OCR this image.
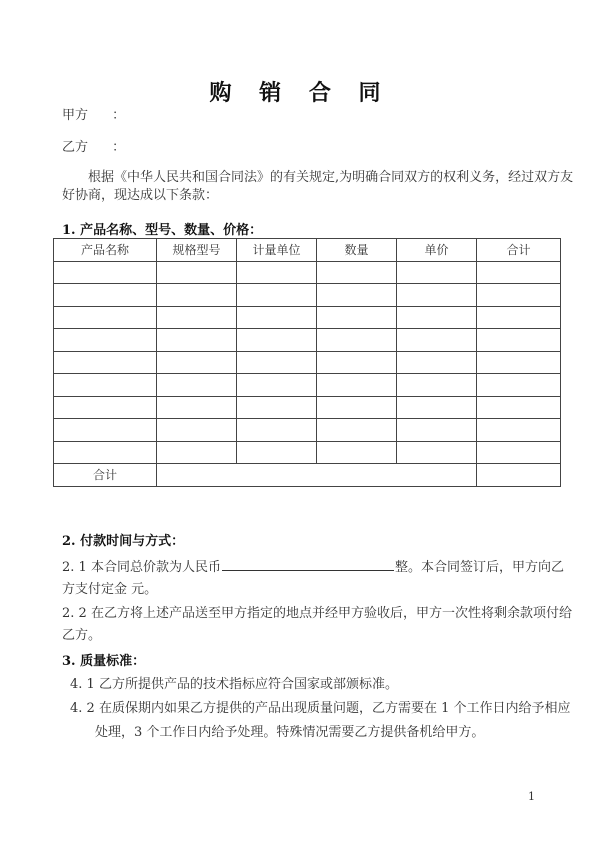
购 销 合 同
甲方 ：
乙方 ：
根据《中华人民共和国合同法》的有关规定,为明确合同双方的权利义务，经过双方友
好协商，现达成以下条款：
1. 产品名称、型号、数量、价格：
产品名称	规格型号	计量单位	数量	单价	合计

合计					
2. 付款时间与方式：
2. 1 本合同总价款为人民币	整。本合同签订后，甲方向乙
方支付定金 元。
2. 2 在乙方将上述产品送至甲方指定的地点并经甲方验收后，甲方一次性将剩余款项付给
乙方。
3. 质量标准：
4. 1 乙方所提供产品的技术指标应符合国家或部颁标准。
4. 2 在质保期内如果乙方提供的产品出现质量问题，乙方需要在 1 个工作日内给予相应
处理，3 个工作日内给予处理。特殊情况需要乙方提供备机给甲方。
1
